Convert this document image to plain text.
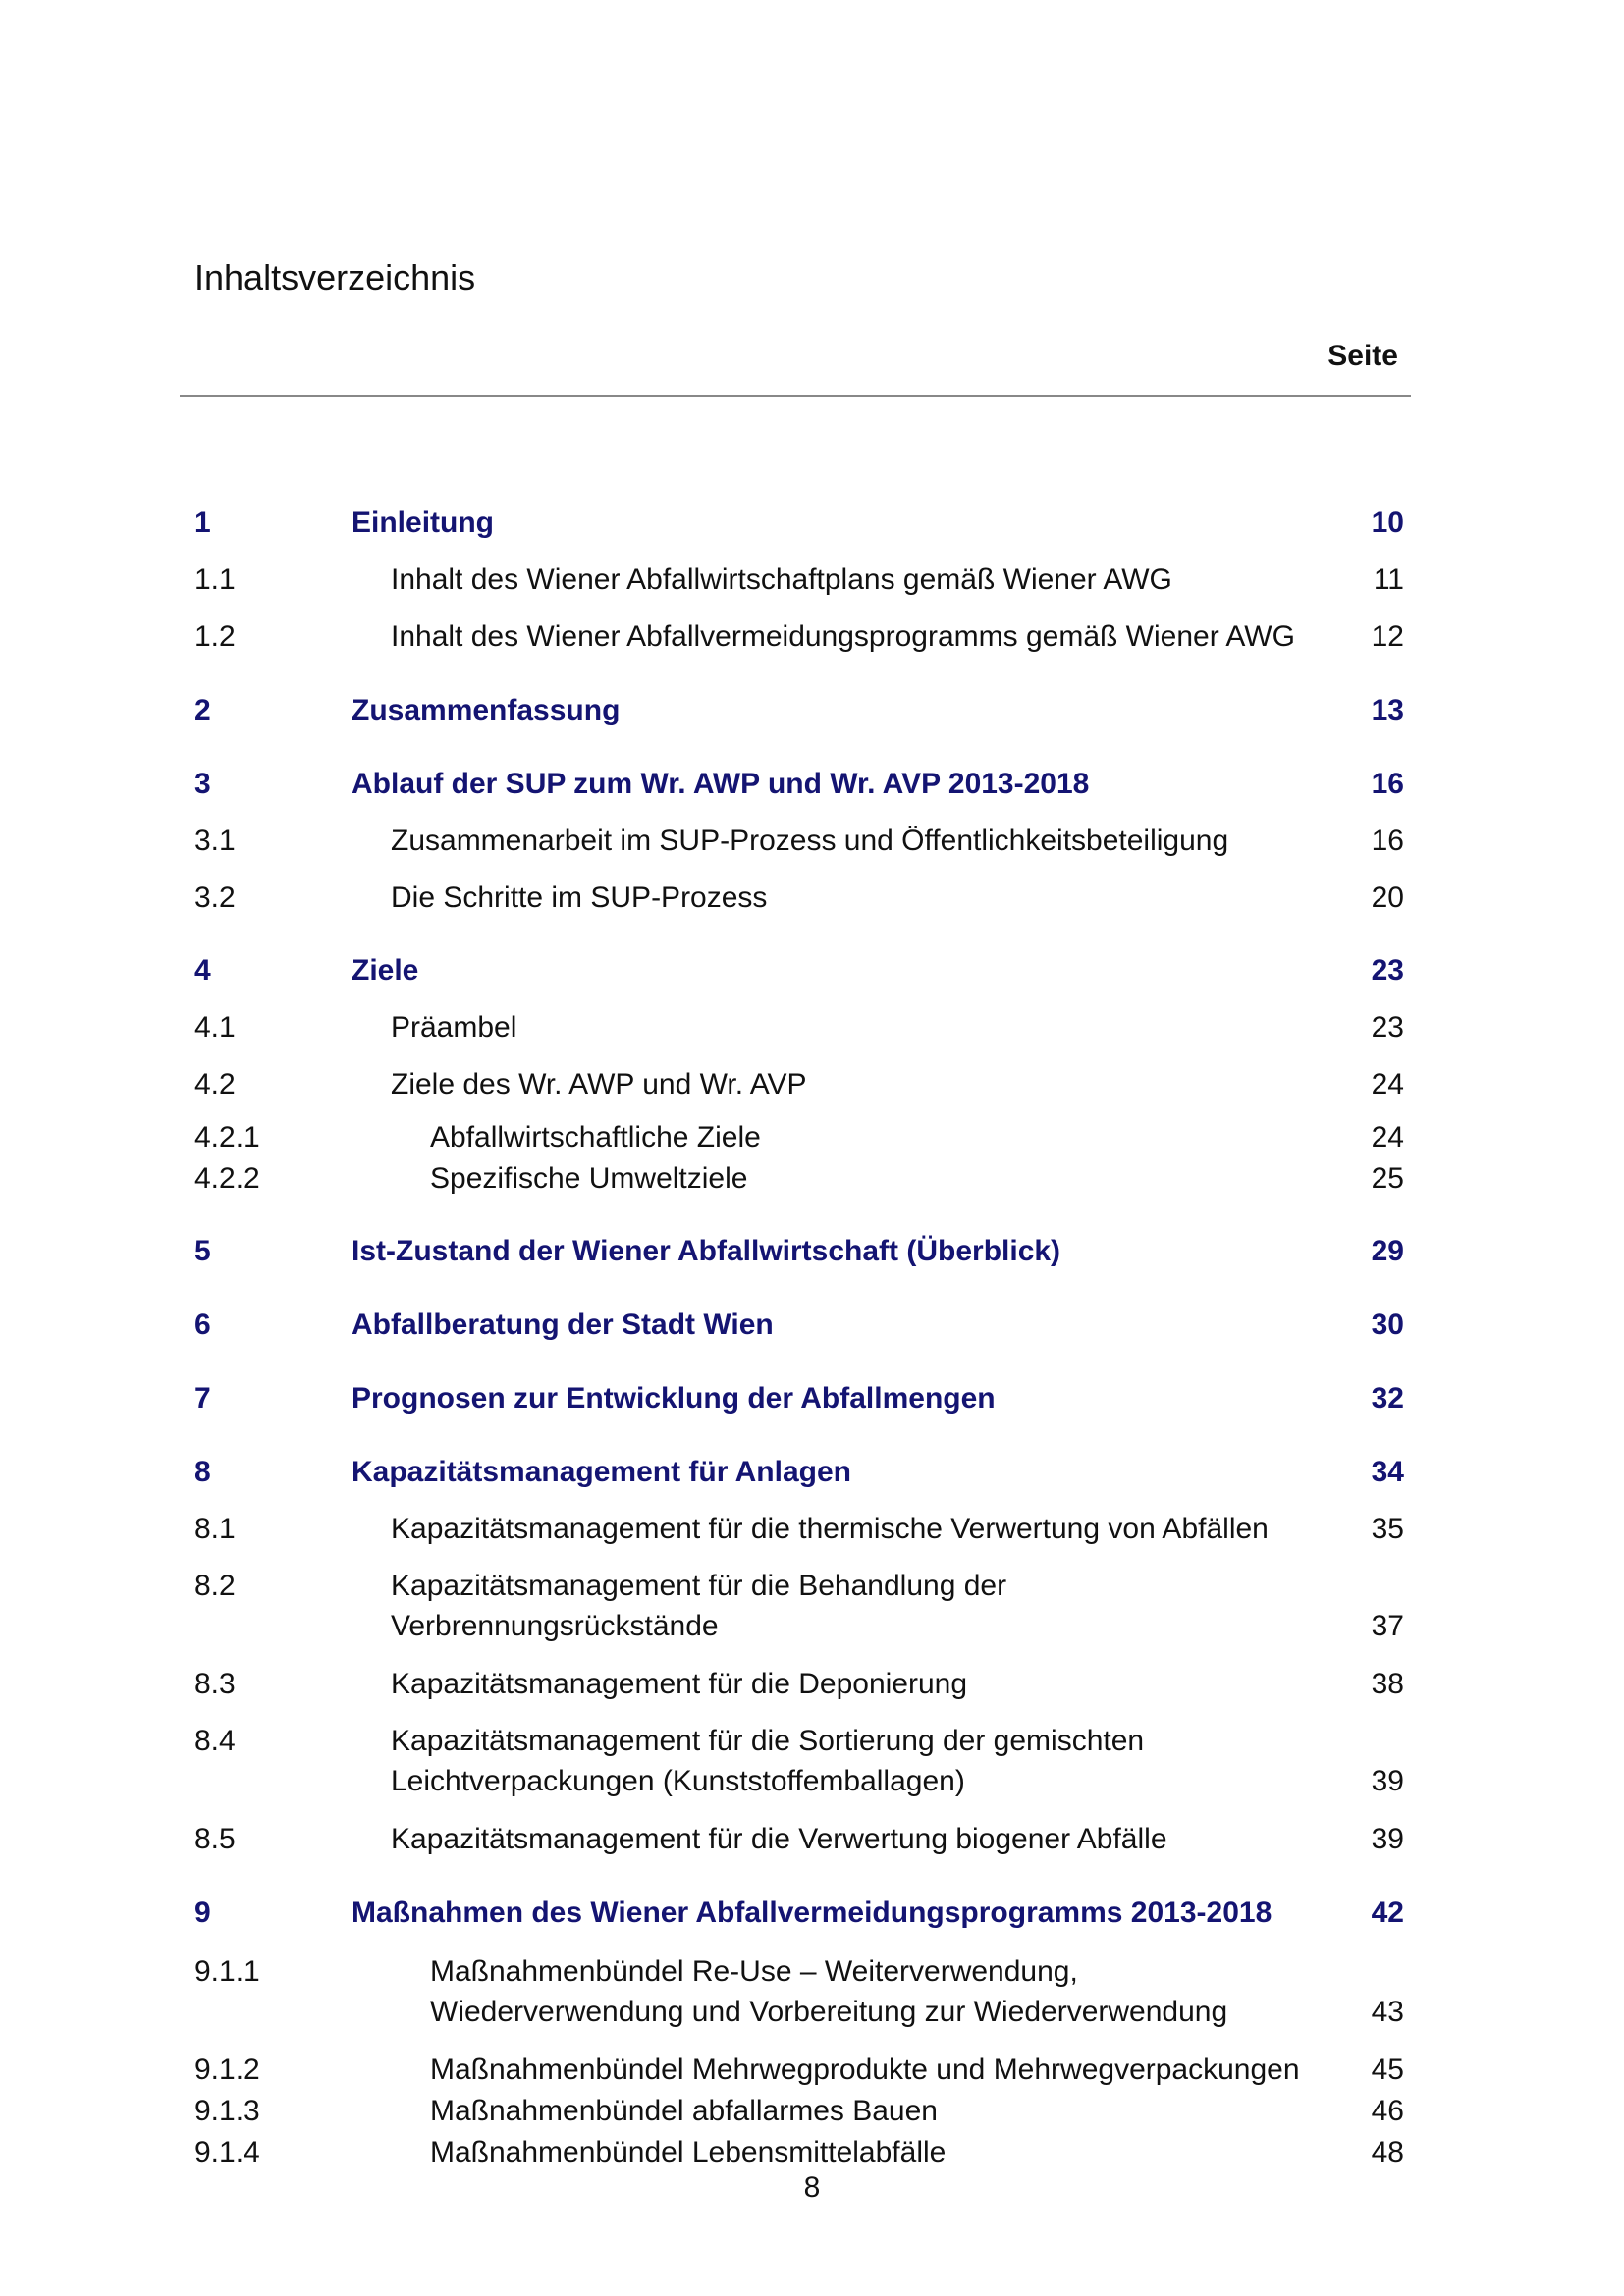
Inhaltsverzeichnis
Seite
1	Einleitung	10
1.1	Inhalt des Wiener Abfallwirtschaftplans gemäß Wiener AWG	11
1.2	Inhalt des Wiener Abfallvermeidungsprogramms gemäß Wiener AWG	12
2	Zusammenfassung	13
3	Ablauf der SUP zum Wr. AWP und Wr. AVP 2013-2018	16
3.1	Zusammenarbeit im SUP-Prozess und Öffentlichkeitsbeteiligung	16
3.2	Die Schritte im SUP-Prozess	20
4	Ziele	23
4.1	Präambel	23
4.2	Ziele des Wr. AWP und Wr. AVP	24
4.2.1	Abfallwirtschaftliche Ziele	24
4.2.2	Spezifische Umweltziele	25
5	Ist-Zustand der Wiener Abfallwirtschaft (Überblick)	29
6	Abfallberatung der Stadt Wien	30
7	Prognosen zur Entwicklung der Abfallmengen	32
8	Kapazitätsmanagement für Anlagen	34
8.1	Kapazitätsmanagement für die thermische Verwertung von Abfällen	35
8.2	Kapazitätsmanagement für die Behandlung der
Verbrennungsrückstände	37
8.3	Kapazitätsmanagement für die Deponierung	38
8.4	Kapazitätsmanagement für die Sortierung der gemischten
Leichtverpackungen (Kunststoffemballagen)	39
8.5	Kapazitätsmanagement für die Verwertung biogener Abfälle	39
9	Maßnahmen des Wiener Abfallvermeidungsprogramms 2013-2018	42
9.1.1	Maßnahmenbündel Re-Use – Weiterverwendung,
Wiederverwendung und Vorbereitung zur Wiederverwendung	43
9.1.2	Maßnahmenbündel Mehrwegprodukte und Mehrwegverpackungen 45
9.1.3	Maßnahmenbündel abfallarmes Bauen	46
9.1.4	Maßnahmenbündel Lebensmittelabfälle	48
8
